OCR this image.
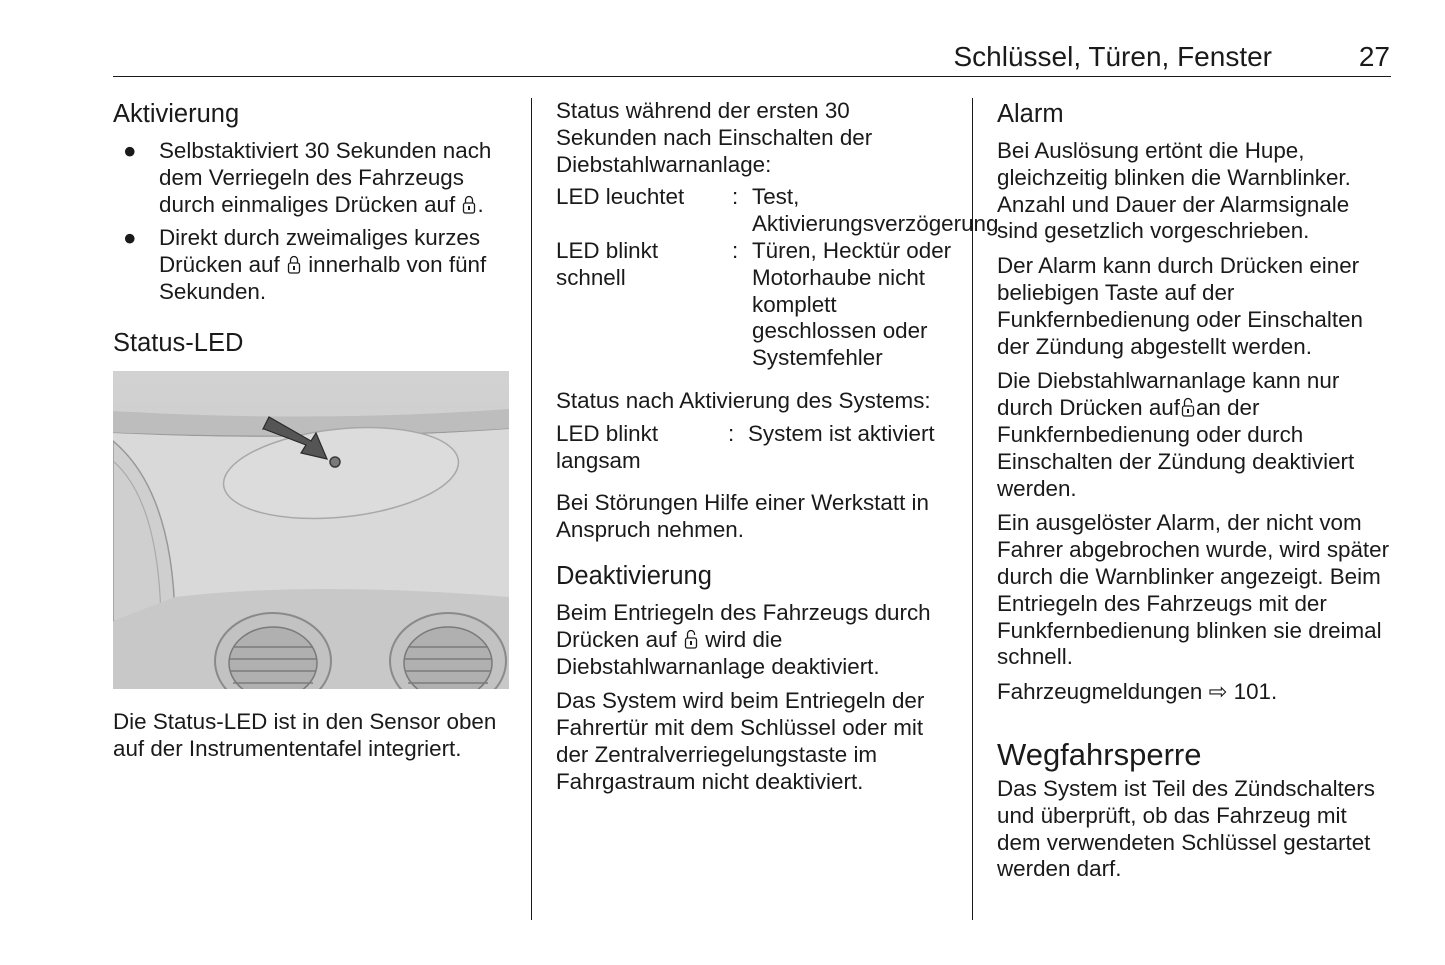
Schlüssel, Türen, Fenster	27
Aktivierung
● Selbstaktiviert 30 Sekunden nach dem Verriegeln des Fahrzeugs durch einmaliges Drücken auf .
● Direkt durch zweimaliges kurzes Drücken auf  innerhalb von fünf Sekunden.
Status-LED

Die Status-LED ist in den Sensor oben auf der Instrumententafel integriert.

Status während der ersten 30 Sekunden nach Einschalten der Diebstahlwarnanlage:

LED leuchtet	: Test, Aktivierungsverzögerung
LED blinkt schnell
: Türen, Hecktür oder Motorhaube nicht komplett geschlossen oder Systemfehler

Status nach Aktivierung des Systems:

LED blinkt langsam
: System ist aktiviert

Bei Störungen Hilfe einer Werkstatt in Anspruch nehmen.

Deaktivierung

Beim Entriegeln des Fahrzeugs durch Drücken auf  wird die Diebstahlwarnanlage deaktiviert.

Das System wird beim Entriegeln der Fahrertür mit dem Schlüssel oder mit der Zentralverriegelungstaste im Fahrgastraum nicht deaktiviert.

Alarm

Bei Auslösung ertönt die Hupe, gleichzeitig blinken die Warnblinker. Anzahl und Dauer der Alarmsignale sind gesetzlich vorgeschrieben.

Der Alarm kann durch Drücken einer beliebigen Taste auf der Funkfernbedienung oder Einschalten der Zündung abgestellt werden.

Die Diebstahlwarnanlage kann nur durch Drücken auf an der Funkfernbedienung oder durch Einschalten der Zündung deaktiviert werden.

Ein ausgelöster Alarm, der nicht vom Fahrer abgebrochen wurde, wird später durch die Warnblinker angezeigt. Beim Entriegeln des Fahrzeugs mit der Funkfernbedienung blinken sie dreimal schnell.

Fahrzeugmeldungen ⇨ 101.

Wegfahrsperre

Das System ist Teil des Zündschalters und überprüft, ob das Fahrzeug mit dem verwendeten Schlüssel gestartet werden darf.
